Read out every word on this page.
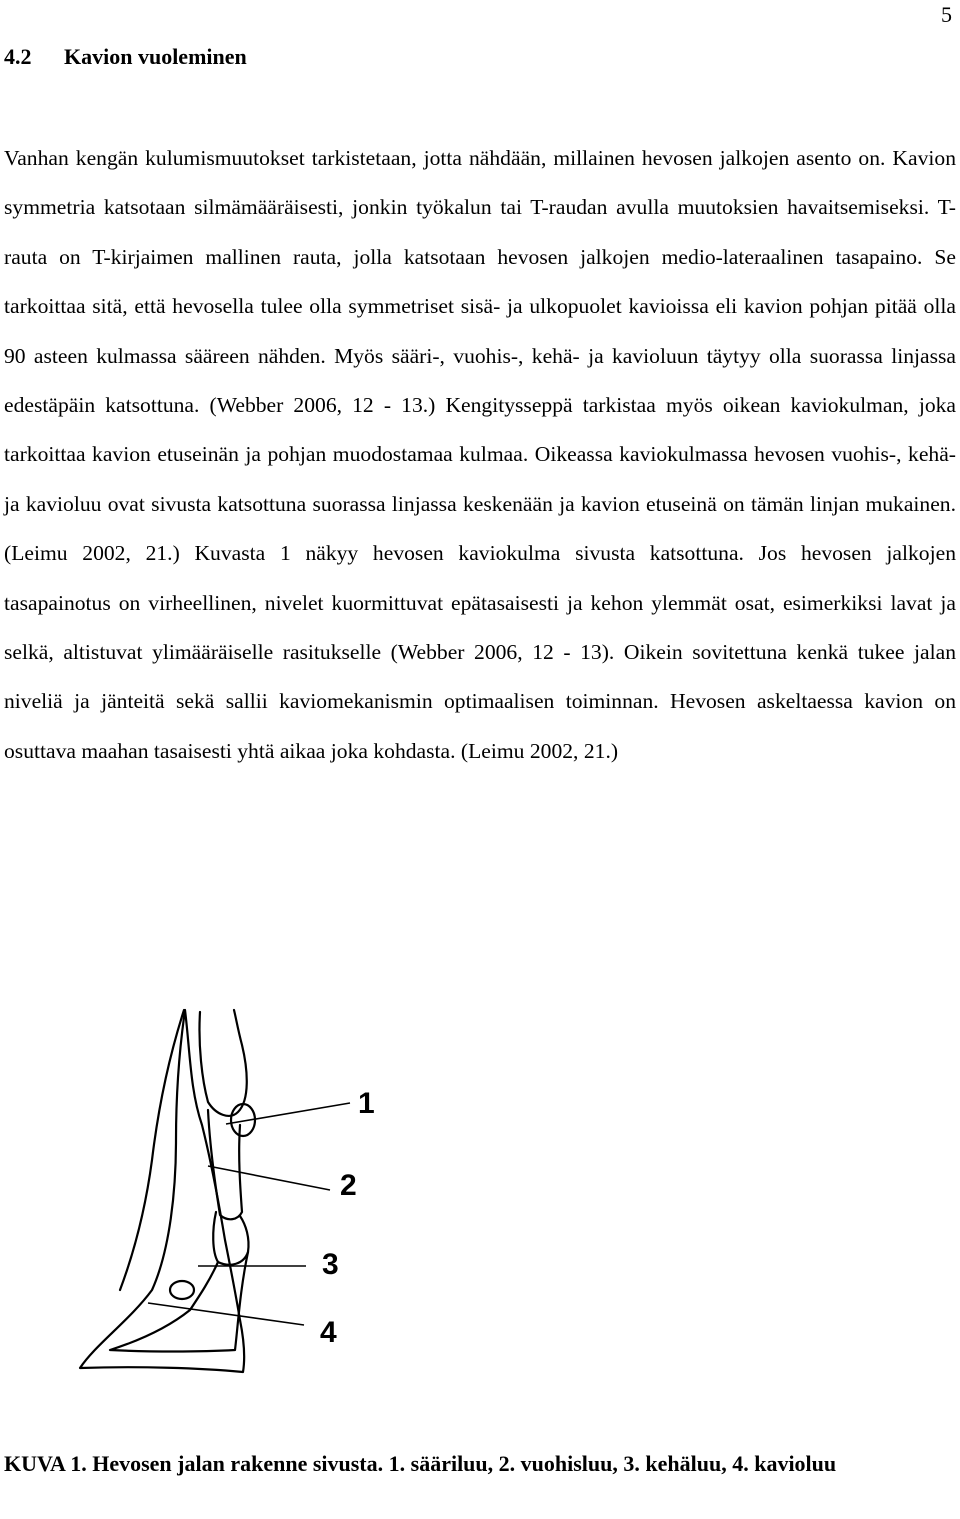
5
4.2 Kavion vuoleminen

Vanhan kengän kulumismuutokset tarkistetaan, jotta nähdään, millainen hevosen jalkojen asento on. Kavion symmetria katsotaan silmämääräisesti, jonkin työkalun tai T-raudan avulla muutoksien havaitsemiseksi. T-rauta on T-kirjaimen mallinen rauta, jolla katsotaan hevosen jalkojen medio-lateraalinen tasapaino. Se tarkoittaa sitä, että hevosella tulee olla symmetriset sisä- ja ulkopuolet kavioissa eli kavion pohjan pitää olla 90 asteen kulmassa sääreen nähden. Myös sääri-, vuohis-, kehä- ja kavioluun täytyy olla suorassa linjassa edestäpäin katsottuna. (Webber 2006, 12 - 13.) Kengitysseppä tarkistaa myös oikean kaviokulman, joka tarkoittaa kavion etuseinän ja pohjan muodostamaa kulmaa. Oikeassa kaviokulmassa hevosen vuohis-, kehä- ja kavioluu ovat sivusta katsottuna suorassa linjassa keskenään ja kavion etuseinä on tämän linjan mukainen. (Leimu 2002, 21.) Kuvasta 1 näkyy hevosen kaviokulma sivusta katsottuna. Jos hevosen jalkojen tasapainotus on virheellinen, nivelet kuormittuvat epätasaisesti ja kehon ylemmät osat, esimerkiksi lavat ja selkä, altistuvat ylimääräiselle rasitukselle (Webber 2006, 12 - 13). Oikein sovitettuna kenkä tukee jalan niveliä ja jänteitä sekä sallii kaviomekanismin optimaalisen toiminnan. Hevosen askeltaessa kavion on osuttava maahan tasaisesti yhtä aikaa joka kohdasta. (Leimu 2002, 21.)

1
2
3
4

KUVA 1. Hevosen jalan rakenne sivusta. 1. sääriluu, 2. vuohisluu, 3. kehäluu, 4. kavioluu
